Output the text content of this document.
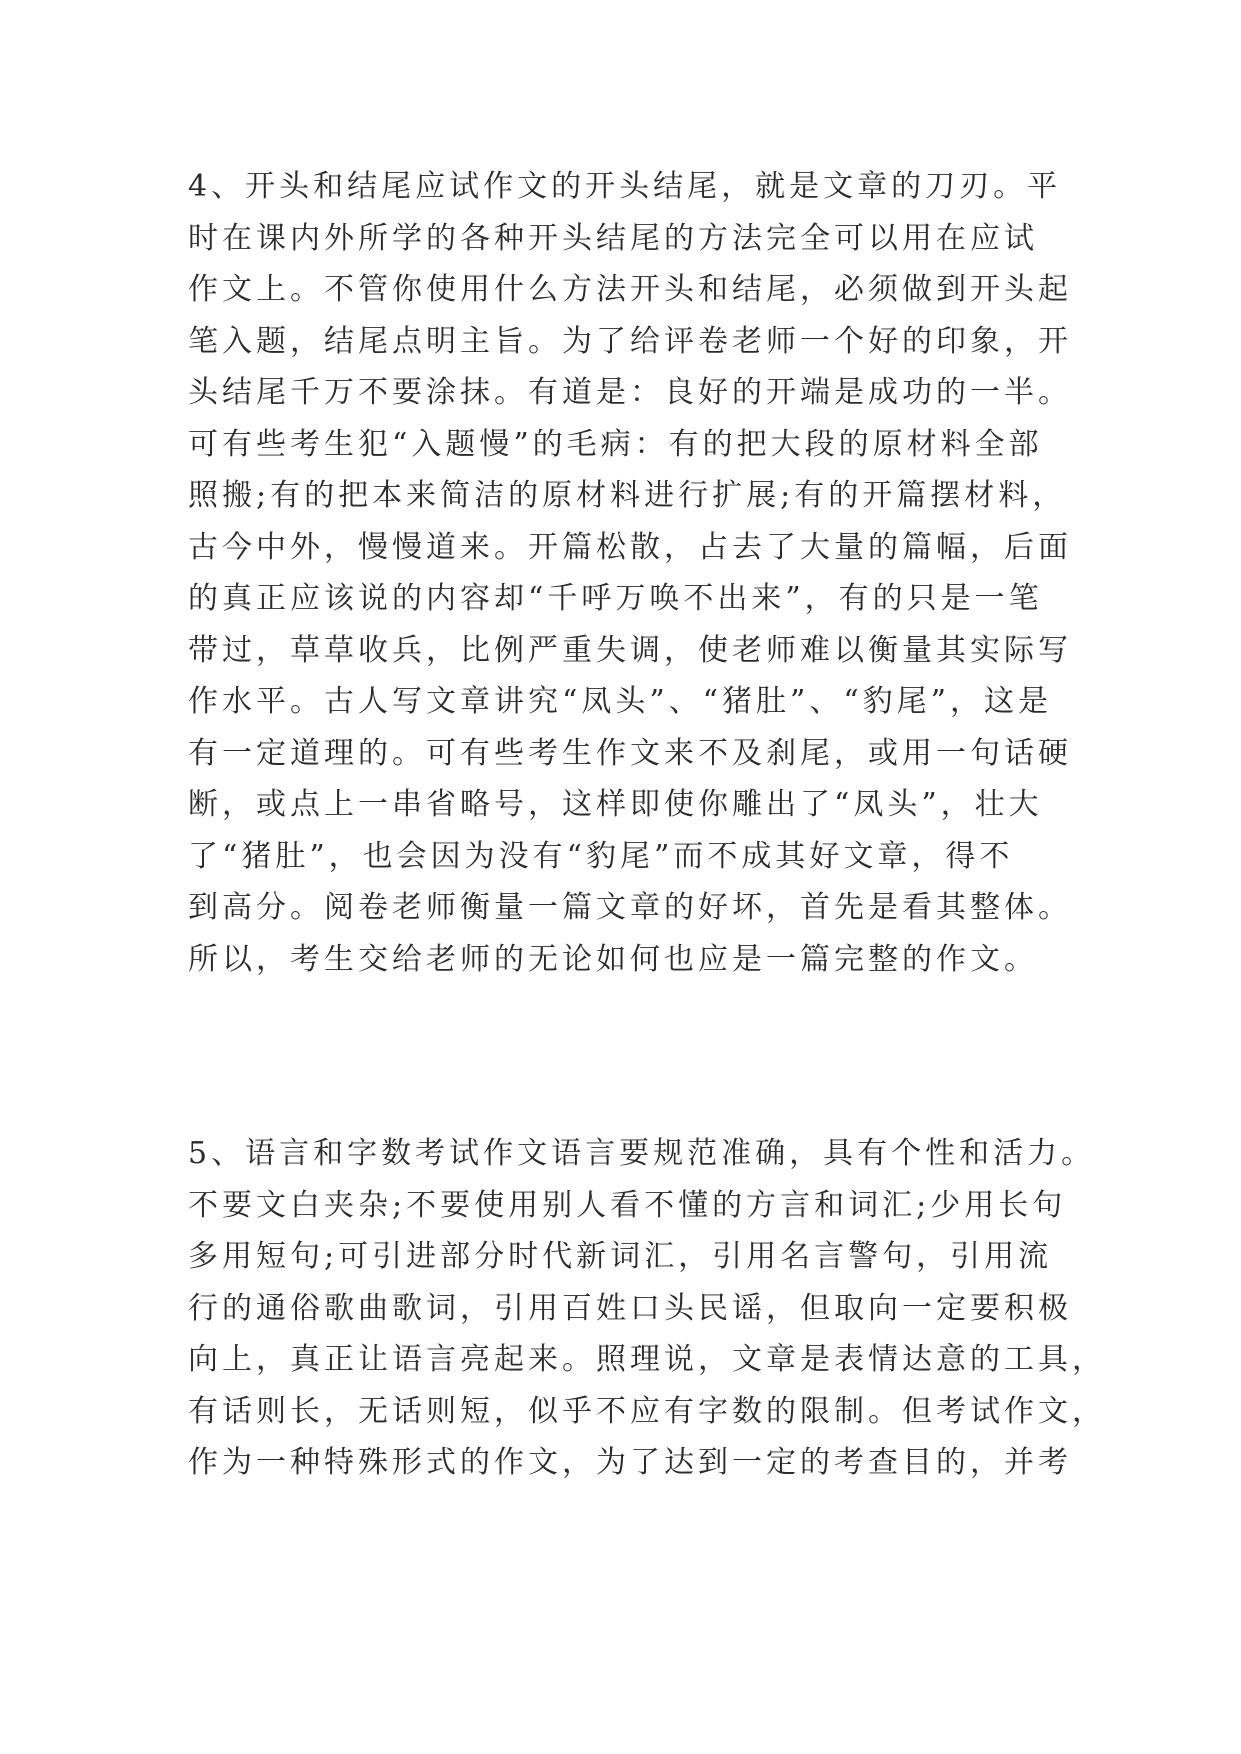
4、开头和结尾应试作文的开头结尾，就是文章的刀刃。平
时在课内外所学的各种开头结尾的方法完全可以用在应试
作文上。不管你使用什么方法开头和结尾，必须做到开头起
笔入题，结尾点明主旨。为了给评卷老师一个好的印象，开
头结尾千万不要涂抹。有道是：良好的开端是成功的一半。
可有些考生犯“入题慢”的毛病：有的把大段的原材料全部
照搬;有的把本来简洁的原材料进行扩展;有的开篇摆材料，
古今中外，慢慢道来。开篇松散，占去了大量的篇幅，后面
的真正应该说的内容却“千呼万唤不出来”，有的只是一笔
带过，草草收兵，比例严重失调，使老师难以衡量其实际写
作水平。古人写文章讲究“凤头”、“猪肚”、“豹尾”，这是
有一定道理的。可有些考生作文来不及刹尾，或用一句话硬
断，或点上一串省略号，这样即使你雕出了“凤头”，壮大
了“猪肚”，也会因为没有“豹尾”而不成其好文章，得不
到高分。阅卷老师衡量一篇文章的好坏，首先是看其整体。
所以，考生交给老师的无论如何也应是一篇完整的作文。

5、语言和字数考试作文语言要规范准确，具有个性和活力。
不要文白夹杂;不要使用别人看不懂的方言和词汇;少用长句
多用短句;可引进部分时代新词汇，引用名言警句，引用流
行的通俗歌曲歌词，引用百姓口头民谣，但取向一定要积极
向上，真正让语言亮起来。照理说，文章是表情达意的工具，
有话则长，无话则短，似乎不应有字数的限制。但考试作文，
作为一种特殊形式的作文，为了达到一定的考查目的，并考
